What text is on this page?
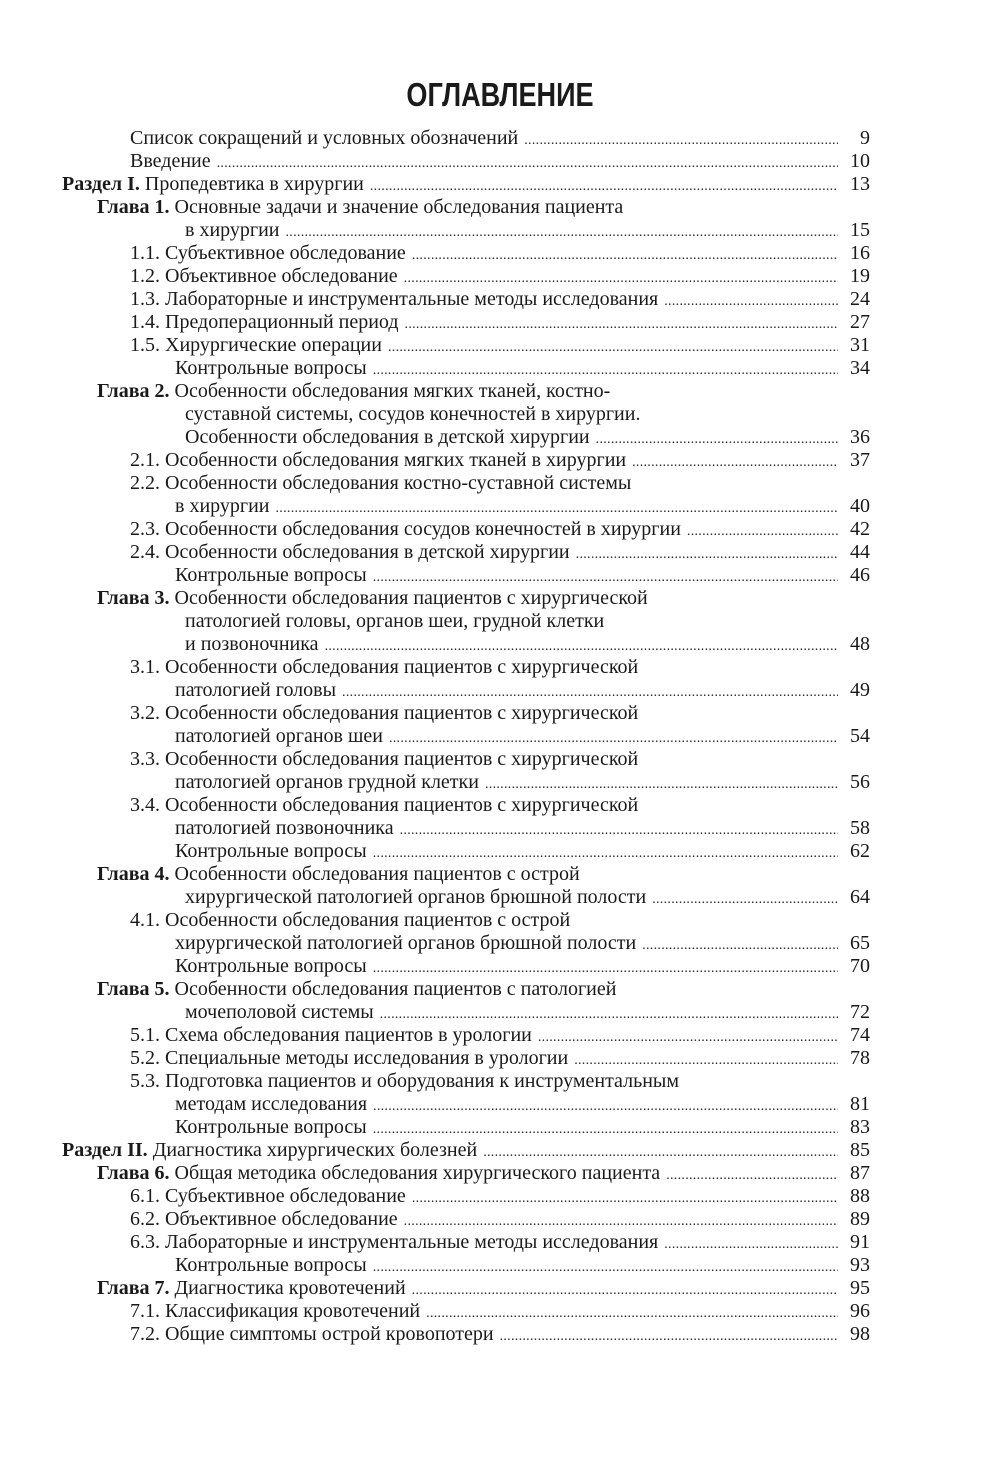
ОГЛАВЛЕНИЕ
Список сокращений и условных обозначений . . .	9
Введение . . .	10
Раздел I. Пропедевтика в хирургии . . .	13
Глава 1. Основные задачи и значение обследования пациента
в хирургии . . .	15
1.1. Субъективное обследование . . .	16
1.2. Объективное обследование . . .	19
1.3. Лабораторные и инструментальные методы исследования . . .	24
1.4. Предоперационный период . . .	27
1.5. Хирургические операции . . .	31
Контрольные вопросы . . .	34
Глава 2. Особенности обследования мягких тканей, костно-
суставной системы, сосудов конечностей в хирургии.
Особенности обследования в детской хирургии . . .	36
2.1. Особенности обследования мягких тканей в хирургии . . .	37
2.2. Особенности обследования костно-суставной системы
в хирургии . . .	40
2.3. Особенности обследования сосудов конечностей в хирургии . . .	42
2.4. Особенности обследования в детской хирургии . . .	44
Контрольные вопросы . . .	46
Глава 3. Особенности обследования пациентов с хирургической
патологией головы, органов шеи, грудной клетки
и позвоночника . . .	48
3.1. Особенности обследования пациентов с хирургической
патологией головы . . .	49
3.2. Особенности обследования пациентов с хирургической
патологией органов шеи . . .	54
3.3. Особенности обследования пациентов с хирургической
патологией органов грудной клетки . . .	56
3.4. Особенности обследования пациентов с хирургической
патологией позвоночника . . .	58
Контрольные вопросы . . .	62
Глава 4. Особенности обследования пациентов с острой
хирургической патологией органов брюшной полости . . .	64
4.1. Особенности обследования пациентов с острой
хирургической патологией органов брюшной полости . . .	65
Контрольные вопросы . . .	70
Глава 5. Особенности обследования пациентов с патологией
мочеполовой системы . . .	72
5.1. Схема обследования пациентов в урологии . . .	74
5.2. Специальные методы исследования в урологии . . .	78
5.3. Подготовка пациентов и оборудования к инструментальным
методам исследования . . .	81
Контрольные вопросы . . .	83
Раздел II. Диагностика хирургических болезней . . .	85
Глава 6. Общая методика обследования хирургического пациента . . .	87
6.1. Субъективное обследование . . .	88
6.2. Объективное обследование . . .	89
6.3. Лабораторные и инструментальные методы исследования . . .	91
Контрольные вопросы . . .	93
Глава 7. Диагностика кровотечений . . .	95
7.1. Классификация кровотечений . . .	96
7.2. Общие симптомы острой кровопотери . . .	98
